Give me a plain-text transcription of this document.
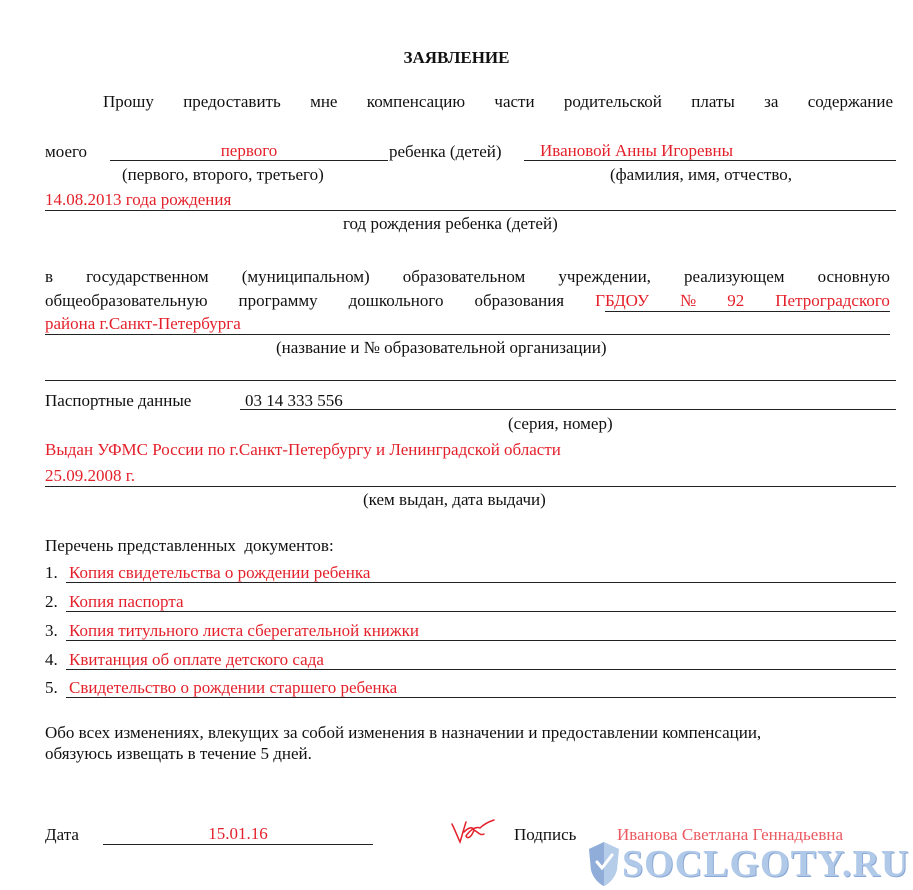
ЗАЯВЛЕНИЕ
Прошу предоставить мне компенсацию части родительской платы за содержание
моего	первого	ребенка (детей) Ивановой Анны Игоревны
(первого, второго, третьего)	(фамилия, имя, отчество,
14.08.2013 года рождения
год рождения ребенка (детей)
в государственном (муниципальном) образовательном учреждении, реализующем основную
общеобразовательную программу дошкольного образования ГБДОУ № 92 Петроградского
района г.Санкт-Петербурга
(название и № образовательной организации)
Паспортные данные	03 14 333 556
(серия, номер)
Выдан УФМС России по г.Санкт-Петербургу и Ленинградской области
25.09.2008 г.
(кем выдан, дата выдачи)
Перечень представленных  документов:
1. Копия свидетельства о рождении ребенка
2. Копия паспорта
3. Копия титульного листа сберегательной книжки
4. Квитанция об оплате детского сада
5. Свидетельство о рождении старшего ребенка
Обо всех изменениях, влекущих за собой изменения в назначении и предоставлении компенсации,
обязуюсь извещать в течение 5 дней.
Дата	15.01.16	Подпись Иванова Светлана Геннадьевна
SOCLGOTY.RU
